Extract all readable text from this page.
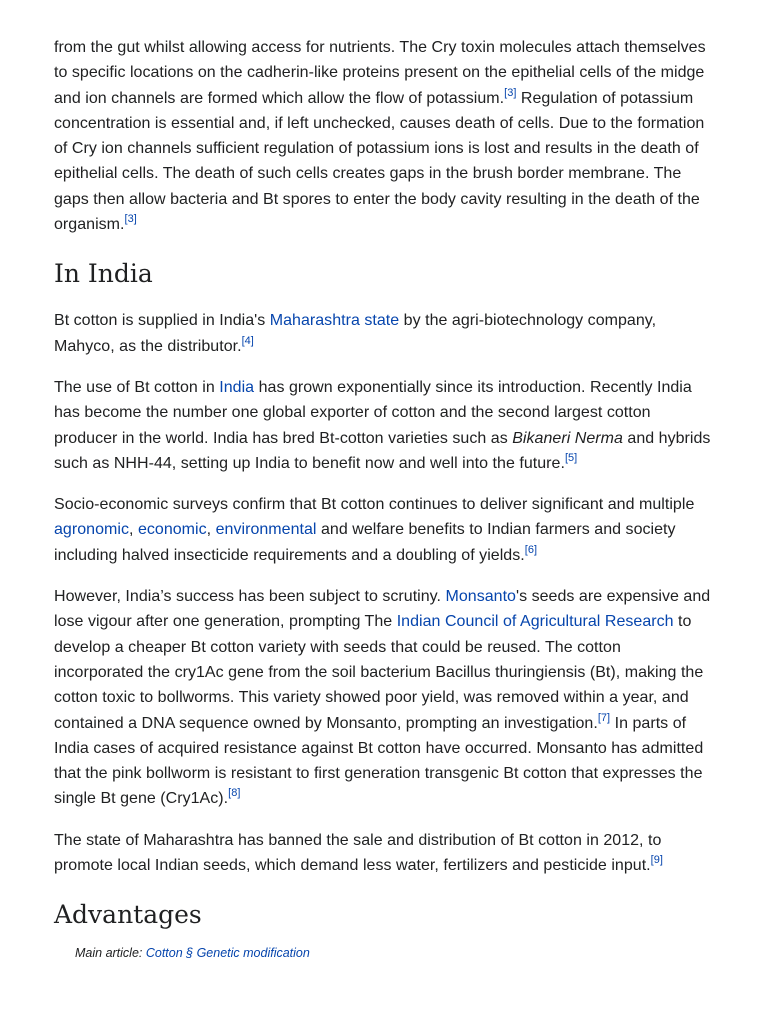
from the gut whilst allowing access for nutrients. The Cry toxin molecules attach themselves to specific locations on the cadherin-like proteins present on the epithelial cells of the midge and ion channels are formed which allow the flow of potassium.[3] Regulation of potassium concentration is essential and, if left unchecked, causes death of cells. Due to the formation of Cry ion channels sufficient regulation of potassium ions is lost and results in the death of epithelial cells. The death of such cells creates gaps in the brush border membrane. The gaps then allow bacteria and Bt spores to enter the body cavity resulting in the death of the organism.[3]

In India

Bt cotton is supplied in India's Maharashtra state by the agri-biotechnology company, Mahyco, as the distributor.[4]

The use of Bt cotton in India has grown exponentially since its introduction. Recently India has become the number one global exporter of cotton and the second largest cotton producer in the world. India has bred Bt-cotton varieties such as Bikaneri Nerma and hybrids such as NHH-44, setting up India to benefit now and well into the future.[5]

Socio-economic surveys confirm that Bt cotton continues to deliver significant and multiple agronomic, economic, environmental and welfare benefits to Indian farmers and society including halved insecticide requirements and a doubling of yields.[6]

However, India’s success has been subject to scrutiny. Monsanto's seeds are expensive and lose vigour after one generation, prompting The Indian Council of Agricultural Research to develop a cheaper Bt cotton variety with seeds that could be reused. The cotton incorporated the cry1Ac gene from the soil bacterium Bacillus thuringiensis (Bt), making the cotton toxic to bollworms. This variety showed poor yield, was removed within a year, and contained a DNA sequence owned by Monsanto, prompting an investigation.[7] In parts of India cases of acquired resistance against Bt cotton have occurred. Monsanto has admitted that the pink bollworm is resistant to first generation transgenic Bt cotton that expresses the single Bt gene (Cry1Ac).[8]

The state of Maharashtra has banned the sale and distribution of Bt cotton in 2012, to promote local Indian seeds, which demand less water, fertilizers and pesticide input.[9]

Advantages
Main article: Cotton § Genetic modification
